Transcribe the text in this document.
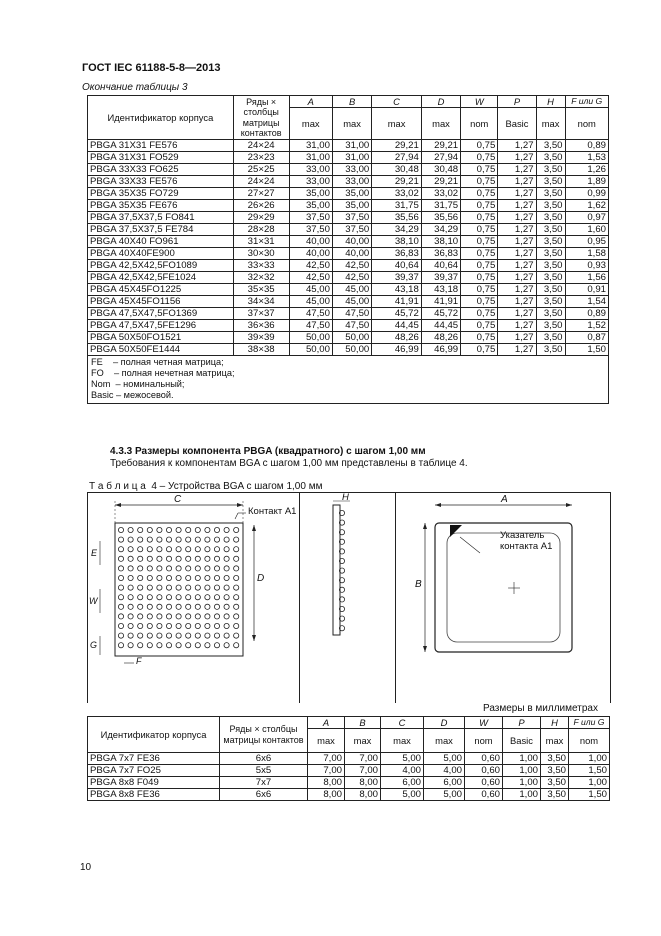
ГОСТ IEC 61188-5-8—2013
Окончание таблицы 3
Идентификатор корпуса	Ряды × столбцы матрицы контактов	A	B	C	D	W	P	H	F или G
		max	max	max	max	nom	Basic	max	nom
PBGA 31X31 FE576	24×24	31,00	31,00	29,21	29,21	0,75	1,27	3,50	0,89
PBGA 31X31 FO529	23×23	31,00	31,00	27,94	27,94	0,75	1,27	3,50	1,53
PBGA 33X33 FO625	25×25	33,00	33,00	30,48	30,48	0,75	1,27	3,50	1,26
PBGA 33X33 FE576	24×24	33,00	33,00	29,21	29,21	0,75	1,27	3,50	1,89
PBGA 35X35 FO729	27×27	35,00	35,00	33,02	33,02	0,75	1,27	3,50	0,99
PBGA 35X35 FE676	26×26	35,00	35,00	31,75	31,75	0,75	1,27	3,50	1,62
PBGA 37,5X37,5 FO841	29×29	37,50	37,50	35,56	35,56	0,75	1,27	3,50	0,97
PBGA 37,5X37,5 FE784	28×28	37,50	37,50	34,29	34,29	0,75	1,27	3,50	1,60
PBGA 40X40 FO961	31×31	40,00	40,00	38,10	38,10	0,75	1,27	3,50	0,95
PBGA 40X40FE900	30×30	40,00	40,00	36,83	36,83	0,75	1,27	3,50	1,58
PBGA 42,5X42,5FO1089	33×33	42,50	42,50	40,64	40,64	0,75	1,27	3,50	0,93
PBGA 42,5X42,5FE1024	32×32	42,50	42,50	39,37	39,37	0,75	1,27	3,50	1,56
PBGA 45X45FO1225	35×35	45,00	45,00	43,18	43,18	0,75	1,27	3,50	0,91
PBGA 45X45FO1156	34×34	45,00	45,00	41,91	41,91	0,75	1,27	3,50	1,54
PBGA 47,5X47,5FO1369	37×37	47,50	47,50	45,72	45,72	0,75	1,27	3,50	0,89
PBGA 47,5X47,5FE1296	36×36	47,50	47,50	44,45	44,45	0,75	1,27	3,50	1,52
PBGA 50X50FO1521	39×39	50,00	50,00	48,26	48,26	0,75	1,27	3,50	0,87
PBGA 50X50FE1444	38×38	50,00	50,00	46,99	46,99	0,75	1,27	3,50	1,50

FE    – полная четная матрица;
FO    – полная нечетная матрица;
Nom  – номинальный;
Basic – межосевой.									
4.3.3 Размеры компонента PBGA (квадратного) с шагом 1,00 мм
Требования к компонентам BGA с шагом 1,00 мм представлены в таблице 4.
Т а б л и ц а  4 – Устройства BGA с шагом 1,00 мм
C
D
E
W
G
F
Контакт A1
H	A
B
Указатель
контакта A1
Размеры в миллиметрах
Идентификатор корпуса	Ряды × столбцы матрицы контактов	A	B	C	D	W	P	H	F или G
		max	max	max	max	nom	Basic	max	nom
PBGA 7x7 FE36	6x6	7,00	7,00	5,00	5,00	0,60	1,00	3,50	1,00
PBGA 7x7 FO25	5x5	7,00	7,00	4,00	4,00	0,60	1,00	3,50	1,50
PBGA 8x8 F049	7x7	8,00	8,00	6,00	6,00	0,60	1,00	3,50	1,00
PBGA 8x8 FE36	6x6	8,00	8,00	5,00	5,00	0,60	1,00	3,50	1,50
10
